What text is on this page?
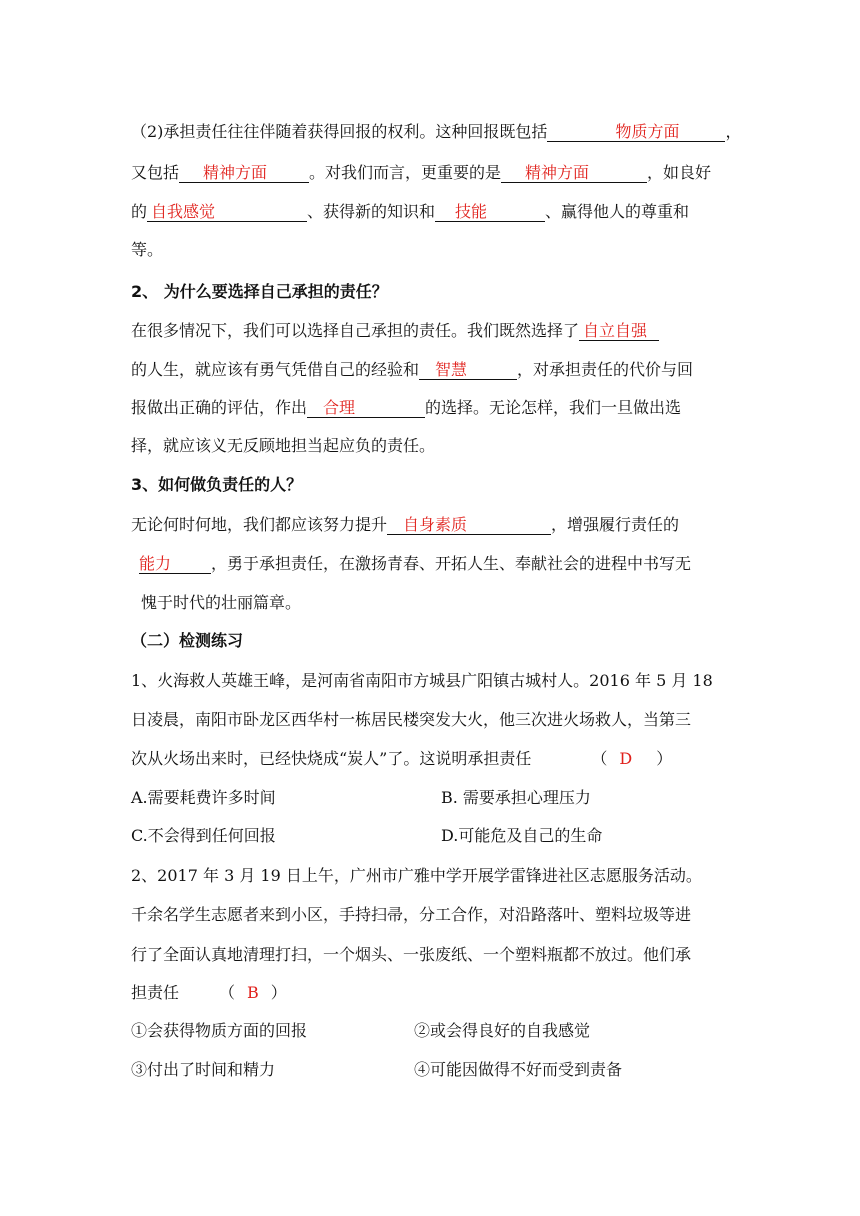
（2)承担责任往往伴随着获得回报的权利。这种回报既包括	物质方面	，
又包括 精神方面	。对我们而言，更重要的是 精神方面	，如良好
的 自我感觉	、获得新的知识和 技能	、赢得他人的尊重和
等。
2、 为什么要选择自己承担的责任？
在很多情况下，我们可以选择自己承担的责任。我们既然选择了 自立自强
的人生，就应该有勇气凭借自己的经验和 智慧	，对承担责任的代价与回
报做出正确的评估，作出 合理	的选择。无论怎样，我们一旦做出选
择，就应该义无反顾地担当起应负的责任。
3、如何做负责任的人？
无论何时何地，我们都应该努力提升 自身素质	，增强履行责任的
能力 ，勇于承担责任，在激扬青春、开拓人生、奉献社会的进程中书写无
愧于时代的壮丽篇章。
（二）检测练习
1、火海救人英雄王峰，是河南省南阳市方城县广阳镇古城村人。2016 年 5 月 18
日凌晨，南阳市卧龙区西华村一栋居民楼突发大火，他三次进火场救人，当第三
次从火场出来时，已经快烧成“炭人”了。这说明承担责任	（ D ）
A.需要耗费许多时间	B. 需要承担心理压力
C.不会得到任何回报	D.可能危及自己的生命
2、2017 年 3 月 19 日上午，广州市广雅中学开展学雷锋进社区志愿服务活动。
千余名学生志愿者来到小区，手持扫帚，分工合作，对沿路落叶、塑料垃圾等进
行了全面认真地清理打扫，一个烟头、一张废纸、一个塑料瓶都不放过。他们承
担责任	（ B ）
①会获得物质方面的回报	②或会得良好的自我感觉
③付出了时间和精力	④可能因做得不好而受到责备
